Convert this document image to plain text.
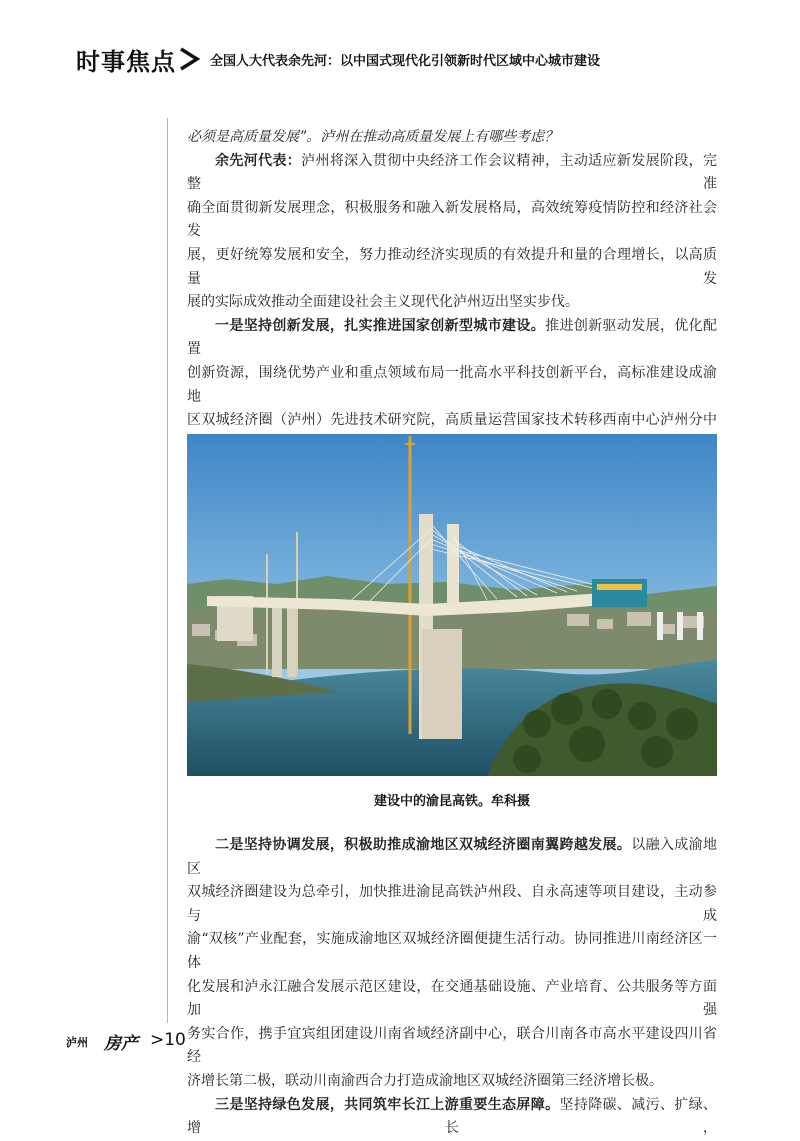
时事焦点	全国人大代表余先河：以中国式现代化引领新时代区域中心城市建设

必须是高质量发展”。泸州在推动高质量发展上有哪些考虑？

余先河代表：泸州将深入贯彻中央经济工作会议精神，主动适应新发展阶段，完整准

确全面贯彻新发展理念，积极服务和融入新发展格局，高效统筹疫情防控和经济社会发

展，更好统筹发展和安全，努力推动经济实现质的有效提升和量的合理增长，以高质量发

展的实际成效推动全面建设社会主义现代化泸州迈出坚实步伐。

一是坚持创新发展，扎实推进国家创新型城市建设。推进创新驱动发展，优化配置

创新资源，围绕优势产业和重点领域布局一批高水平科技创新平台，高标准建设成渝地

区双城经济圈（泸州）先进技术研究院，高质量运营国家技术转移西南中心泸州分中

建设中的渝昆高铁。牟科摄

二是坚持协调发展，积极助推成渝地区双城经济圈南翼跨越发展。以融入成渝地区

双城经济圈建设为总牵引，加快推进渝昆高铁泸州段、自永高速等项目建设，主动参与成

渝“双核”产业配套，实施成渝地区双城经济圈便捷生活行动。协同推进川南经济区一体

化发展和泸永江融合发展示范区建设，在交通基础设施、产业培育、公共服务等方面加强

务实合作，携手宜宾组团建设川南省域经济副中心，联合川南各市高水平建设四川省经

济增长第二极，联动川南渝西合力打造成渝地区双城经济圈第三经济增长极。

三是坚持绿色发展，共同筑牢长江上游重要生态屏障。坚持降碳、减污、扩绿、增长，

泸州 房产 >10
